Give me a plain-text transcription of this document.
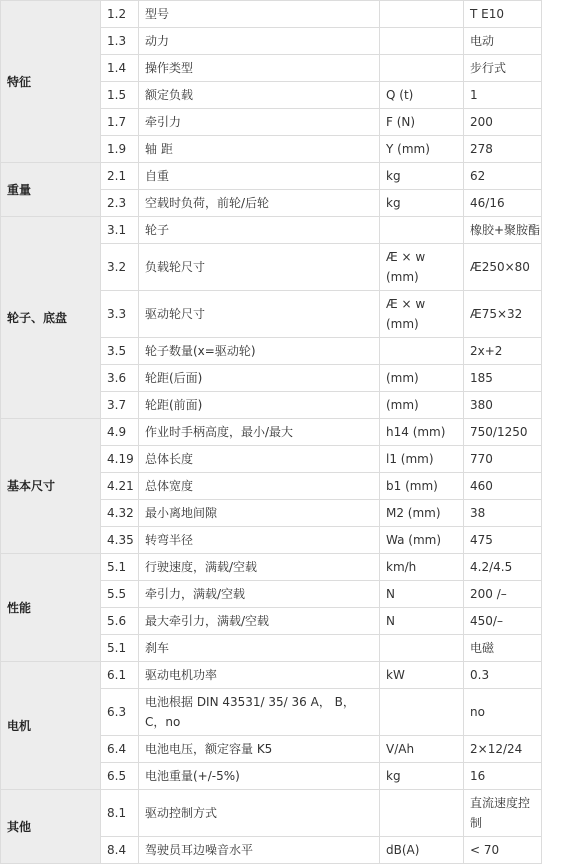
特征	1.2	型号		T E10
	1.3	动力		电动
	1.4	操作类型		步行式
	1.5	额定负载	Q (t)	1
	1.7	牵引力	F (N)	200
	1.9	轴 距	Y (mm)	278
重量	2.1	自重	kg	62
	2.3	空载时负荷，前轮/后轮	kg	46/16
轮子、底盘	3.1	轮子		橡胶+聚胺酯
	3.2	负载轮尺寸	Æ × w (mm)	Æ250×80
	3.3	驱动轮尺寸	Æ × w (mm)	Æ75×32
	3.5	轮子数量(x=驱动轮)		2x+2
	3.6	轮距(后面)	(mm)	185
	3.7	轮距(前面)	(mm)	380
基本尺寸	4.9	作业时手柄高度，最小/最大	h14 (mm)	750/1250
	4.19	总体长度	l1 (mm)	770
	4.21	总体宽度	b1 (mm)	460
	4.32	最小离地间隙	M2 (mm)	38
	4.35	转弯半径	Wa (mm)	475
性能	5.1	行驶速度，满载/空载	km/h	4.2/4.5
	5.5	牵引力，满载/空载	N	200 /–
	5.6	最大牵引力，满载/空载	N	450/–
	5.1	刹车		电磁
电机	6.1	驱动电机功率	kW	0.3
	6.3	电池根据 DIN 43531/ 35/ 36 A， B， C，no		no
	6.4	电池电压，额定容量 K5	V/Ah	2×12/24
	6.5	电池重量(+/-5%)	kg	16
其他	8.1	驱动控制方式		直流速度控制
	8.4	驾驶员耳边噪音水平	dB(A)	< 70
